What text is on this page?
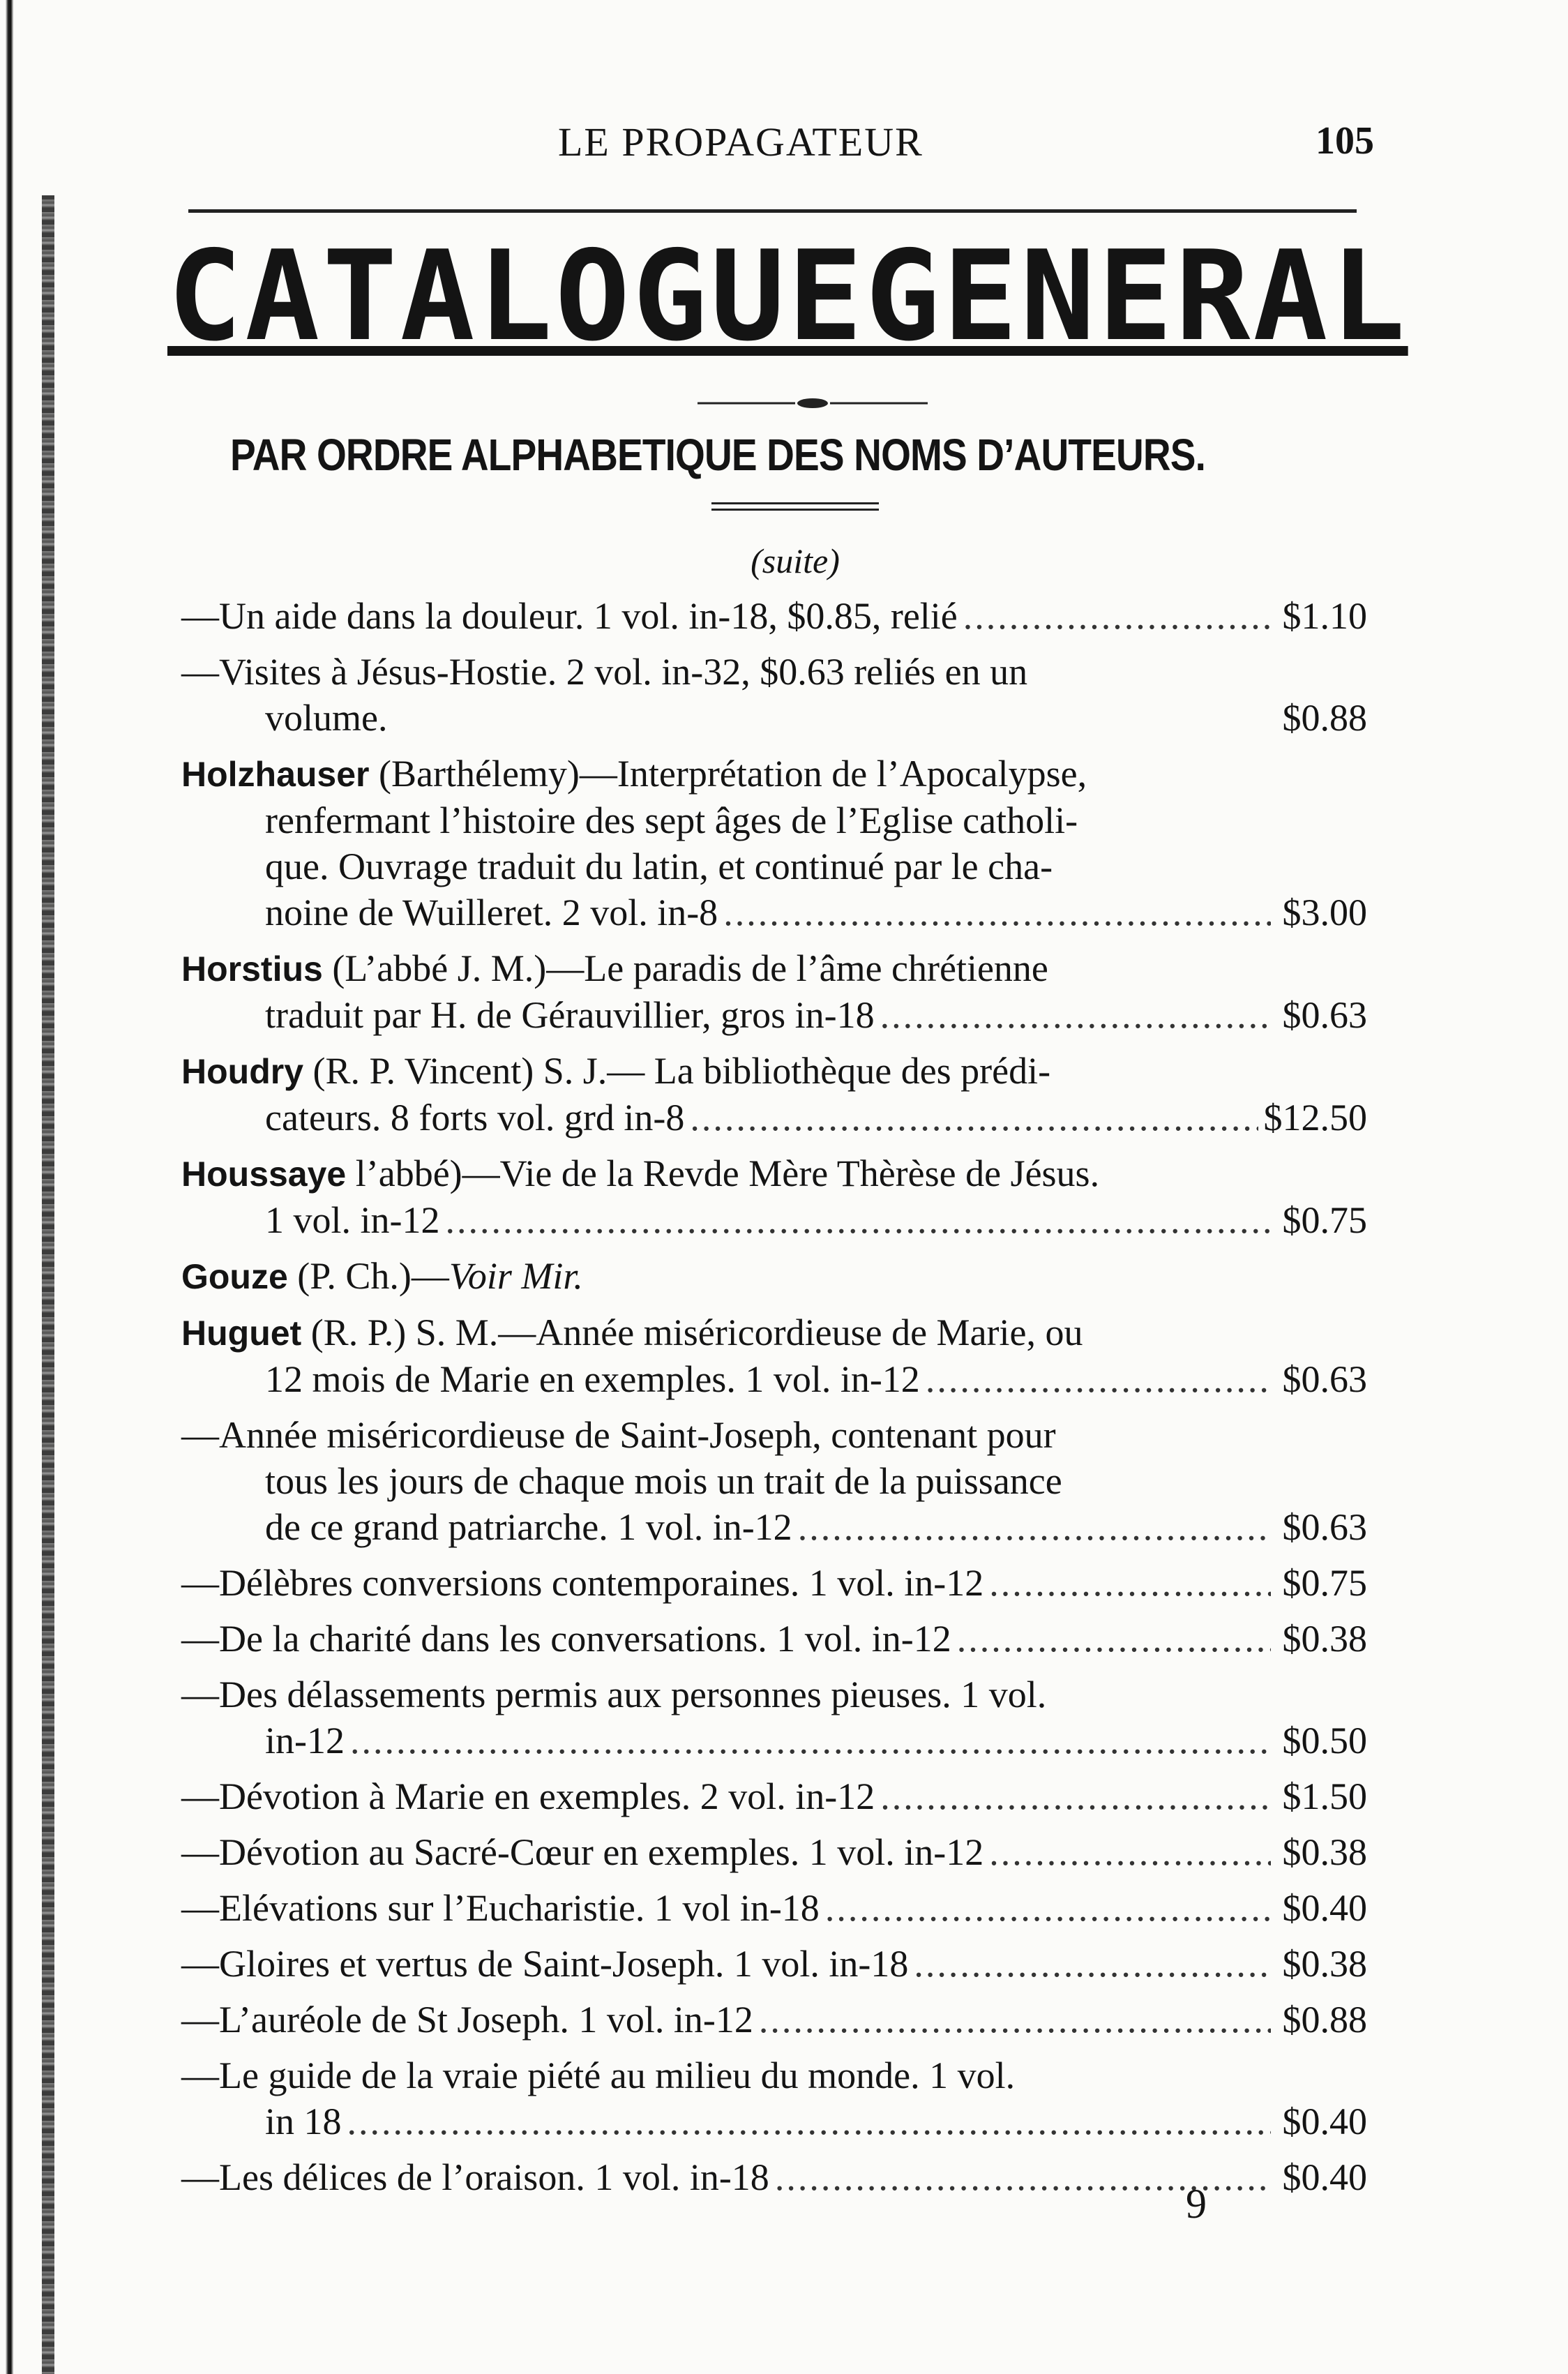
LE PROPAGATEUR	105
CATALOGUE GENERAL
PAR ORDRE ALPHABETIQUE DES NOMS D’AUTEURS.
(suite)
—Un aide dans la douleur. 1 vol. in-18, $0.85, relié .....	$1.10
—Visites à Jésus-Hostie. 2 vol. in-32, $0.63 reliés en un
volume.	$0.88
Holzhauser (Barthélemy)—Interprétation de l’Apocalypse,
renfermant l’histoire des sept âges de l’Eglise catholi-
que. Ouvrage traduit du latin, et continué par le cha-
noine de Wuilleret. 2 vol. in-8 .....	$3.00
Horstius (L’abbé J. M.)—Le paradis de l’âme chrétienne
traduit par H. de Gérauvillier, gros in-18 .....	$0.63
Houdry (R. P. Vincent) S. J.— La bibliothèque des prédi-
cateurs. 8 forts vol. grd in-8 .....	$12.50
Houssaye l’abbé)—Vie de la Revde Mère Thèrèse de Jésus.
1 vol. in-12 .....	$0.75
Gouze (P. Ch.)—Voir Mir.
Huguet (R. P.) S. M.—Année miséricordieuse de Marie, ou
12 mois de Marie en exemples. 1 vol. in-12 .....	$0.63
—Année miséricordieuse de Saint-Joseph, contenant pour
tous les jours de chaque mois un trait de la puissance
de ce grand patriarche. 1 vol. in-12 .....	$0.63
—Délèbres conversions contemporaines. 1 vol. in-12 .....	$0.75
—De la charité dans les conversations. 1 vol. in-12 .....	$0.38
—Des délassements permis aux personnes pieuses. 1 vol.
in-12 .....	$0.50
—Dévotion à Marie en exemples. 2 vol. in-12 .....	$1.50
—Dévotion au Sacré-Cœur en exemples. 1 vol. in-12 .....	$0.38
—Elévations sur l’Eucharistie. 1 vol in-18 .....	$0.40
—Gloires et vertus de Saint-Joseph. 1 vol. in-18 .....	$0.38
—L’auréole de St Joseph. 1 vol. in-12 .....	$0.88
—Le guide de la vraie piété au milieu du monde. 1 vol.
in 18 .....	$0.40
—Les délices de l’oraison. 1 vol. in-18 .....	$0.40
9
